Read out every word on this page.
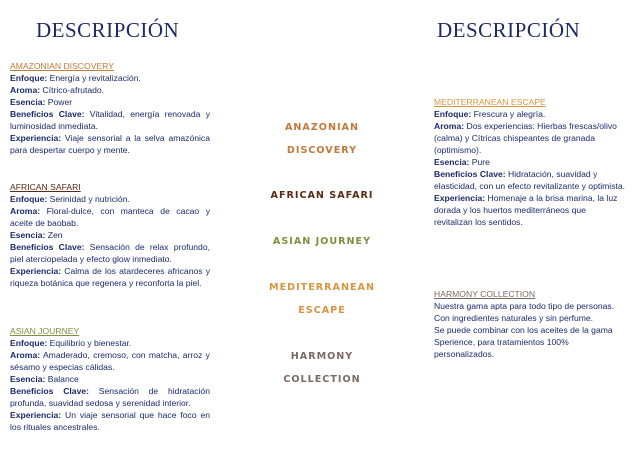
DESCRIPCIÓN	DESCRIPCIÓN
AMAZONIAN DISCOVERY
Enfoque: Energía y revitalización.
Aroma: Cítrico-afrutado.
Esencia: Power
Beneficios Clave: Vitalidad, energía renovada y luminosidad inmediata.
Experiencia: Viaje sensorial a la selva amazónica para despertar cuerpo y mente.
AFRICAN SAFARI
Enfoque: Serinidad y nutrición.
Aroma: Floral-dulce, con manteca de cacao y aceite de baobab.
Esencia: Zen
Beneficios Clave: Sensación de relax profundo, piel aterciopelada y efecto glow inmediato.
Experiencia: Calma de los atardeceres africanos y riqueza botánica que regenera y reconforta la piel.
ASIAN JOURNEY
Enfoque: Equilibrio y bienestar.
Aroma: Amaderado, cremoso, con matcha, arroz y sésamo y especias cálidas.
Esencia: Balance
Beneficios Clave: Sensación de hidratación profunda, suavidad sedosa y serenidad interior.
Experiencia: Un viaje sensorial que hace foco en los rituales ancestrales.
ANAZONIAN
DISCOVERY
AFRICAN SAFARI
ASIAN JOURNEY
MEDITERRANEAN
ESCAPE
HARMONY
COLLECTION
MEDITERRANEAN ESCAPE
Enfoque: Frescura y alegría.
Aroma: Dos experiencias: Hierbas frescas/olivo (calma) y Cítricas chispeantes de granada (optimismo).
Esencia: Pure
Beneficios Clave: Hidratación, suavidad y elasticidad, con un efecto revitalizante y optimista.
Experiencia: Homenaje a la brisa marina, la luz dorada y los huertos mediterráneos que revitalizan los sentidos.
HARMONY COLLECTION
Nuestra gama apta para todo tipo de personas. Con ingredientes naturales y sin perfume.
Se puede combinar con los aceites de la gama Sperience, para tratamientos 100% personalizados.
